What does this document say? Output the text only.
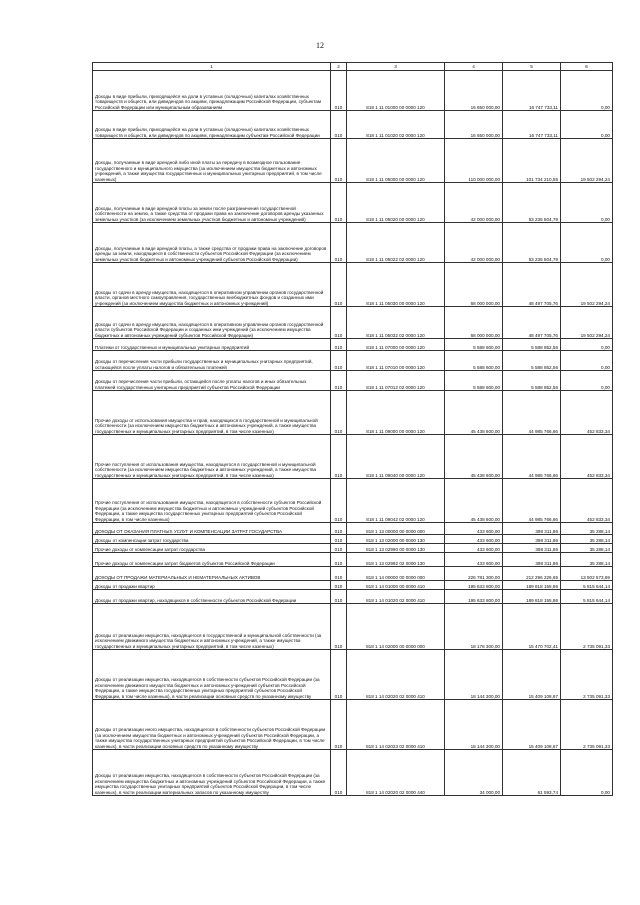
12
1	2	3	4	5	6
Доходы в виде прибыли, приходящейся на доли в уставных (складочных) капиталах хозяйственных товариществ и обществ, или дивидендов по акциям, принадлежащим Российской Федерации, субъектам Российской Федерации или муниципальным образованиям	010	818 1 11 01000 00 0000 120	16 650 000,00	16 747 733,11	0,00
Доходы в виде прибыли, приходящейся на доли в уставных (складочных) капиталах хозяйственных товариществ и обществ, или дивидендов по акциям, принадлежащим субъектам Российской Федерации	010	818 1 11 01020 02 0000 120	16 650 000,00	16 747 733,11	0,00
Доходы, получаемые в виде арендной либо иной платы за передачу в возмездное пользование государственного и муниципального имущества (за исключением имущества бюджетных и автономных учреждений, а также имущества государственных и муниципальных унитарных предприятий, в том числе казенных)	010	818 1 11 05000 00 0000 120	110 000 000,00	101 734 210,55	19 502 294,24
Доходы, получаемые в виде арендной платы за земли после разграничения государственной собственности на землю, а также средства от продажи права на заключение договоров аренды указанных земельных участков (за исключением земельных участков бюджетных и автономных учреждений)	010	818 1 11 05020 00 0000 120	42 000 000,00	53 236 504,79	0,00
Доходы, получаемые в виде арендной платы, а также средства от продажи права на заключение договоров аренды за земли, находящиеся в собственности субъектов Российской Федерации (за исключением земельных участков бюджетных и автономных учреждений субъектов Российской Федерации)	010	818 1 11 05022 02 0000 120	42 000 000,00	53 236 504,79	0,00
Доходы от сдачи в аренду имущества, находящегося в оперативном управлении органов государственной власти, органов местного самоуправления, государственных внебюджетных фондов и созданных ими учреждений (за исключением имущества бюджетных и автономных учреждений)	010	818 1 11 05030 00 0000 120	68 000 000,00	48 497 705,76	19 502 294,24
Доходы от сдачи в аренду имущества, находящегося в оперативном управлении органов государственной власти субъектов Российской Федерации и созданных ими учреждений (за исключением имущества бюджетных и автономных учреждений субъектов Российской Федерации)	010	818 1 11 05032 02 0000 120	68 000 000,00	48 497 705,76	19 502 294,24
Платежи от государственных и муниципальных унитарных предприятий	010	818 1 11 07000 00 0000 120	5 588 600,00	5 588 852,56	0,00
Доходы от перечисления части прибыли государственных и муниципальных унитарных предприятий, остающейся после уплаты налогов и обязательных платежей	010	818 1 11 07010 00 0000 120	5 588 600,00	5 588 852,56	0,00
Доходы от перечисления части прибыли, остающейся после уплаты налогов и иных обязательных платежей государственных унитарных предприятий субъектов Российской Федерации	010	818 1 11 07012 02 0000 120	5 588 600,00	5 588 852,56	0,00
Прочие доходы от использования имущества и прав, находящихся в государственной и муниципальной собственности (за исключением имущества бюджетных и автономных учреждений, а также имущества государственных и муниципальных унитарных предприятий, в том числе казенных)	010	818 1 11 09000 00 0000 120	45 438 600,00	44 985 766,66	452 833,34
Прочие поступления от использования имущества, находящегося в государственной и муниципальной собственности (за исключением имущества бюджетных и автономных учреждений, а также имущества государственных и муниципальных унитарных предприятий, в том числе казенных)	010	818 1 11 09040 00 0000 120	45 438 600,00	44 985 766,66	452 833,34
Прочие поступления от использования имущества, находящегося в собственности субъектов Российской Федерации (за исключением имущества бюджетных и автономных учреждений субъектов Российской Федерации, а также имущества государственных унитарных предприятий субъектов Российской Федерации, в том числе казенных)	010	818 1 11 09042 02 0000 120	45 438 600,00	44 985 766,66	452 833,34
ДОХОДЫ ОТ ОКАЗАНИЯ ПЛАТНЫХ УСЛУГ И КОМПЕНСАЦИИ ЗАТРАТ ГОСУДАРСТВА	010	818 1 13 00000 00 0000 000	433 600,00	398 311,86	35 288,14
Доходы от компенсации затрат государства	010	818 1 13 02000 00 0000 130	433 600,00	398 311,86	35 288,14
Прочие доходы от компенсации затрат государства	010	818 1 13 02990 00 0000 130	433 600,00	398 311,86	35 288,14
Прочие доходы от компенсации затрат бюджетов субъектов Российской Федерации	010	818 1 13 02992 02 0000 130	433 600,00	398 311,86	35 288,14
ДОХОДЫ ОТ ПРОДАЖИ МАТЕРИАЛЬНЫХ И НЕМАТЕРИАЛЬНЫХ АКТИВОВ	010	818 1 14 00000 00 0000 000	226 781 300,00	212 296 226,65	13 502 573,69
Доходы от продажи квартир	010	818 1 14 01000 00 0000 410	195 633 800,00	189 818 155,86	5 815 644,14
Доходы от продажи квартир, находящихся в собственности субъектов Российской Федерации	010	818 1 14 01020 02 0000 410	195 633 800,00	189 818 155,86	5 815 644,14
Доходы от реализации имущества, находящегося в государственной и муниципальной собственности (за исключением движимого имущества бюджетных и автономных учреждений, а также имущества государственных и муниципальных унитарных предприятий, в том числе казенных)	010	818 1 14 02000 00 0000 000	18 178 300,00	15 470 702,41	2 735 091,33
Доходы от реализации имущества, находящегося в собственности субъектов Российской Федерации (за исключением движимого имущества бюджетных и автономных учреждений субъектов Российской Федерации, а также имущества государственных унитарных предприятий субъектов Российской Федерации, в том числе казенных), в части реализации основных средств по указанному имуществу	010	818 1 14 02020 02 0000 410	18 144 300,00	15 409 108,67	2 735 091,33
Доходы от реализации иного имущества, находящегося в собственности субъектов Российской Федерации (за исключением имущества бюджетных и автономных учреждений субъектов Российской Федерации, а также имущества государственных унитарных предприятий субъектов Российской Федерации, в том числе казенных), в части реализации основных средств по указанному имуществу	010	818 1 14 02023 02 0000 410	18 144 300,00	15 409 108,67	2 735 091,33
Доходы от реализации имущества, находящегося в собственности субъектов Российской Федерации (за исключением имущества бюджетных и автономных учреждений субъектов Российской Федерации, а также имущества государственных унитарных предприятий субъектов Российской Федерации, в том числе казенных), в части реализации материальных запасов по указанному имуществу	010	818 1 14 02020 02 0000 440	34 000,00	61 593,74	0,00
